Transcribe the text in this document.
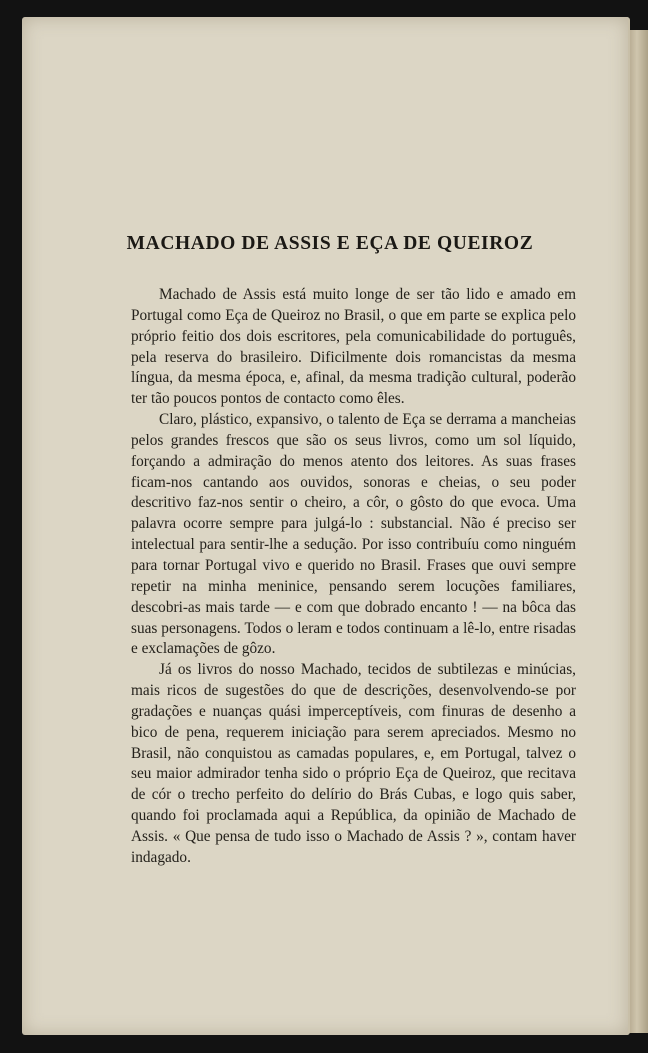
MACHADO DE ASSIS E EÇA DE QUEIROZ

Machado de Assis está muito longe de ser tão lido e amado em Portugal como Eça de Queiroz no Brasil, o que em parte se explica pelo próprio feitio dos dois escritores, pela comunicabilidade do português, pela reserva do brasileiro. Dificilmente dois romancistas da mesma língua, da mesma época, e, afinal, da mesma tradição cultural, poderão ter tão poucos pontos de contacto como êles.

Claro, plástico, expansivo, o talento de Eça se derrama a mancheias pelos grandes frescos que são os seus livros, como um sol líquido, forçando a admiração do menos atento dos leitores. As suas frases ficam-nos cantando aos ouvidos, sonoras e cheias, o seu poder descritivo faz-nos sentir o cheiro, a côr, o gôsto do que evoca. Uma palavra ocorre sempre para julgá-lo : substancial. Não é preciso ser intelectual para sentir-lhe a sedução. Por isso contribuíu como ninguém para tornar Portugal vivo e querido no Brasil. Frases que ouvi sempre repetir na minha meninice, pensando serem locuções familiares, descobri-as mais tarde — e com que dobrado encanto ! — na bôca das suas personagens. Todos o leram e todos continuam a lê-lo, entre risadas e exclamações de gôzo.

Já os livros do nosso Machado, tecidos de subtilezas e minúcias, mais ricos de sugestões do que de descrições, desenvolvendo-se por gradações e nuanças quási imperceptíveis, com finuras de desenho a bico de pena, requerem iniciação para serem apreciados. Mesmo no Brasil, não conquistou as camadas populares, e, em Portugal, talvez o seu maior admirador tenha sido o próprio Eça de Queiroz, que recitava de cór o trecho perfeito do delírio do Brás Cubas, e logo quis saber, quando foi proclamada aqui a República, da opinião de Machado de Assis. « Que pensa de tudo isso o Machado de Assis ? », contam haver indagado.
